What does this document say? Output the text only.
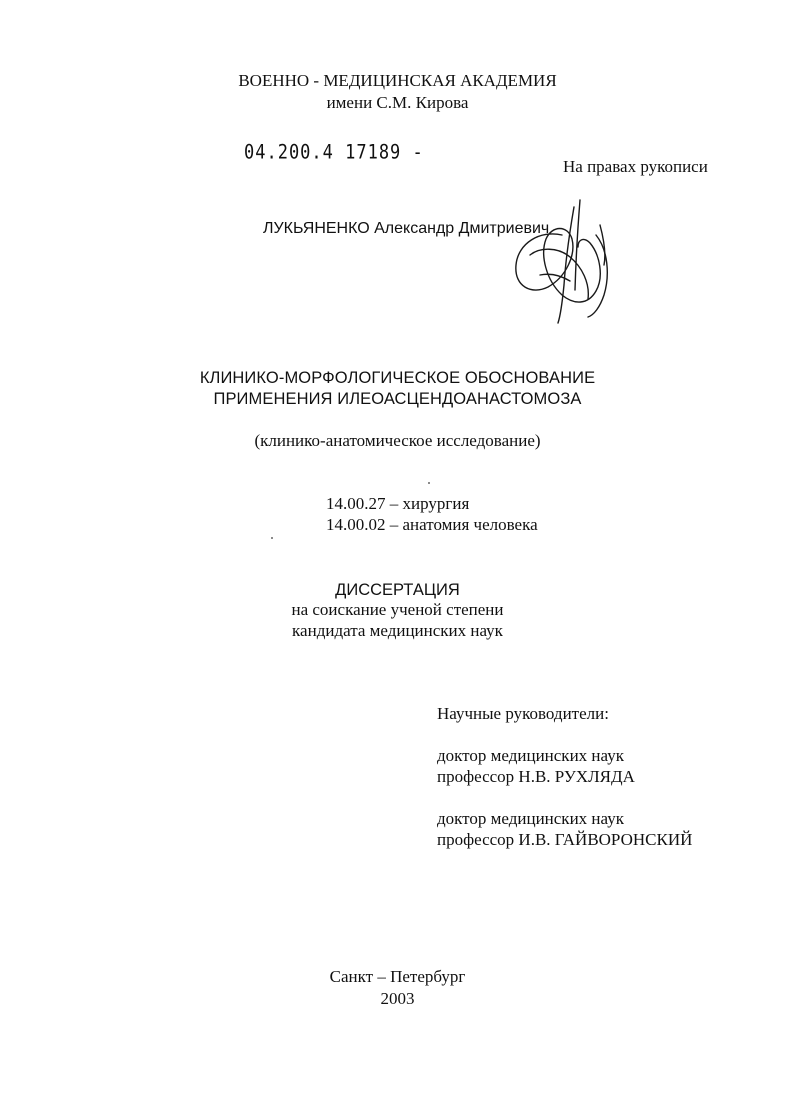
ВОЕННО - МЕДИЦИНСКАЯ АКАДЕМИЯ
имени С.М. Кирова
04.200.4 17189 -
На правах рукописи
ЛУКЬЯНЕНКО Александр Дмитриевич
КЛИНИКО-МОРФОЛОГИЧЕСКОЕ ОБОСНОВАНИЕ
ПРИМЕНЕНИЯ ИЛЕОАСЦЕНДОАНАСТОМОЗА
(клинико-анатомическое исследование)
14.00.27 – хирургия
14.00.02 – анатомия человека
ДИССЕРТАЦИЯ
на соискание ученой степени
кандидата медицинских наук
Научные руководители:
доктор медицинских наук
профессор Н.В. РУХЛЯДА
доктор медицинских наук
профессор И.В. ГАЙВОРОНСКИЙ
Санкт – Петербург
2003
